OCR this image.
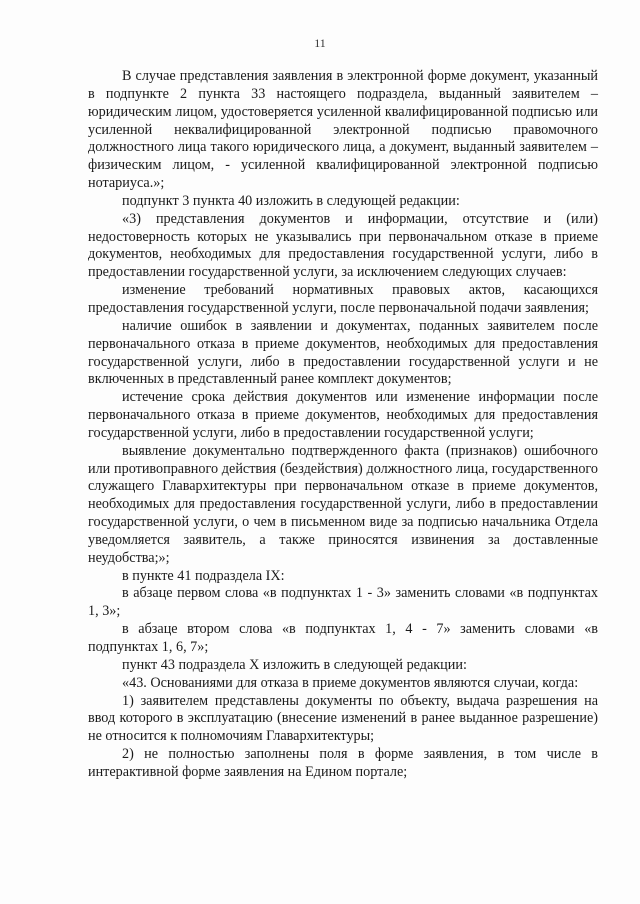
11

В случае представления заявления в электронной форме документ, указанный в подпункте 2 пункта 33 настоящего подраздела, выданный заявителем – юридическим лицом, удостоверяется усиленной квалифицированной подписью или усиленной неквалифицированной электронной подписью правомочного должностного лица такого юридического лица, а документ, выданный заявителем – физическим лицом, - усиленной квалифицированной электронной подписью нотариуса.»;

подпункт 3 пункта 40 изложить в следующей редакции:

«3) представления документов и информации, отсутствие и (или) недостоверность которых не указывались при первоначальном отказе в приеме документов, необходимых для предоставления государственной услуги, либо в предоставлении государственной услуги, за исключением следующих случаев:

изменение требований нормативных правовых актов, касающихся предоставления государственной услуги, после первоначальной подачи заявления;

наличие ошибок в заявлении и документах, поданных заявителем после первоначального отказа в приеме документов, необходимых для предоставления государственной услуги, либо в предоставлении государственной услуги и не включенных в представленный ранее комплект документов;

истечение срока действия документов или изменение информации после первоначального отказа в приеме документов, необходимых для предоставления государственной услуги, либо в предоставлении государственной услуги;

выявление документально подтвержденного факта (признаков) ошибочного или противоправного действия (бездействия) должностного лица, государственного служащего Главархитектуры при первоначальном отказе в приеме документов, необходимых для предоставления государственной услуги, либо в предоставлении государственной услуги, о чем в письменном виде за подписью начальника Отдела уведомляется заявитель, а также приносятся извинения за доставленные неудобства;»;

в пункте 41 подраздела IX:

в абзаце первом слова «в подпунктах 1 - 3» заменить словами «в подпунктах 1, 3»;

в абзаце втором слова «в подпунктах 1, 4 - 7» заменить словами «в подпунктах 1, 6, 7»;

пункт 43 подраздела X изложить в следующей редакции:

«43. Основаниями для отказа в приеме документов являются случаи, когда:

1) заявителем представлены документы по объекту, выдача разрешения на ввод которого в эксплуатацию (внесение изменений в ранее выданное разрешение) не относится к полномочиям Главархитектуры;

2) не полностью заполнены поля в форме заявления, в том числе в интерактивной форме заявления на Едином портале;
